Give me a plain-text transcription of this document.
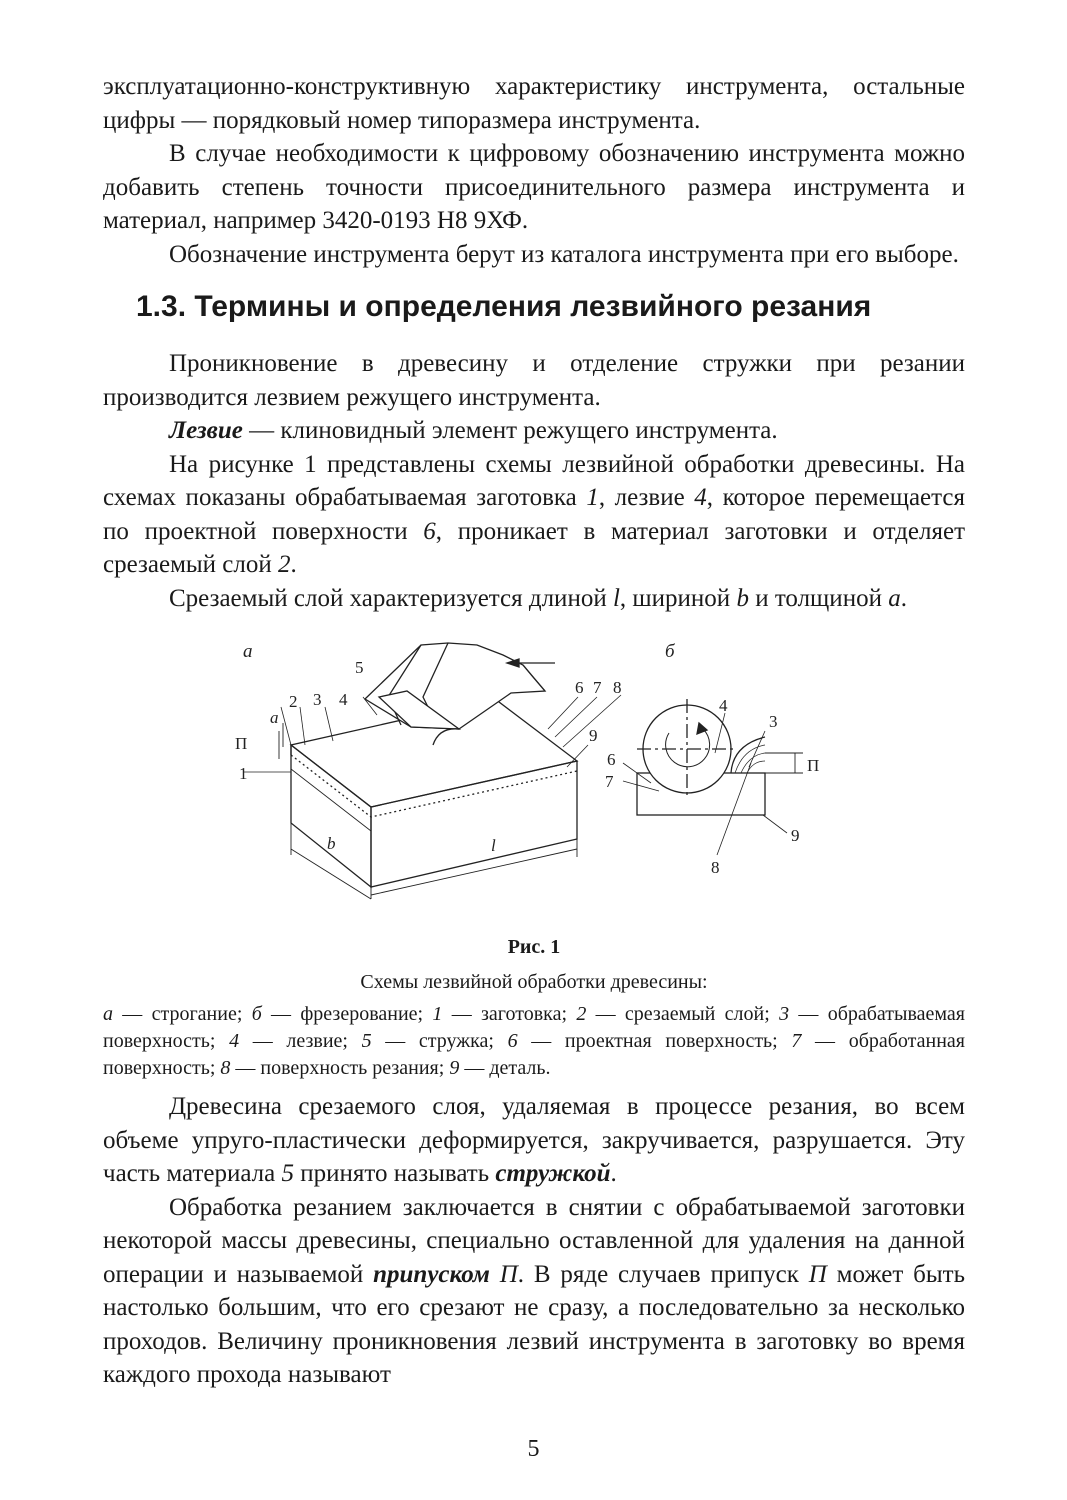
эксплуатационно-конструктивную характеристику инструмента, остальные цифры — порядковый номер типоразмера инструмента.

В случае необходимости к цифровому обозначению инструмента можно добавить степень точности присоединительного размера инструмента и материал, например 3420-0193 Н8 9ХФ.

Обозначение инструмента берут из каталога инструмента при его выборе.

1.3. Термины и определения лезвийного резания

Проникновение в древесину и отделение стружки при резании производится лезвием режущего инструмента.

Лезвие — клиновидный элемент режущего инструмента.

На рисунке 1 представлены схемы лезвийной обработки древесины. На схемах показаны обрабатываемая заготовка 1, лезвие 4, которое перемещается по проектной поверхности 6, проникает в материал заготовки и отделяет срезаемый слой 2.

Срезаемый слой характеризуется длиной l, шириной b и толщиной а.

а	б
1
2 3 4
5
6 7 8
9
а
П
b	l
3
4
6
7
8
9
П
Рис. 1
Схемы лезвийной обработки древесины:
а — строгание; б — фрезерование; 1 — заготовка; 2 — срезаемый слой; 3 — обрабатываемая поверхность; 4 — лезвие; 5 — стружка; 6 — проектная поверхность; 7 — обработанная поверхность; 8 — поверхность резания; 9 — деталь.

Древесина срезаемого слоя, удаляемая в процессе резания, во всем объеме упруго-пластически деформируется, закручивается, разрушается. Эту часть материала 5 принято называть стружкой.

Обработка резанием заключается в снятии с обрабатываемой заготовки некоторой массы древесины, специально оставленной для удаления на данной операции и называемой припуском П. В ряде случаев припуск П может быть настолько большим, что его срезают не сразу, а последовательно за несколько проходов. Величину проникновения лезвий инструмента в заготовку во время каждого прохода называют

5
